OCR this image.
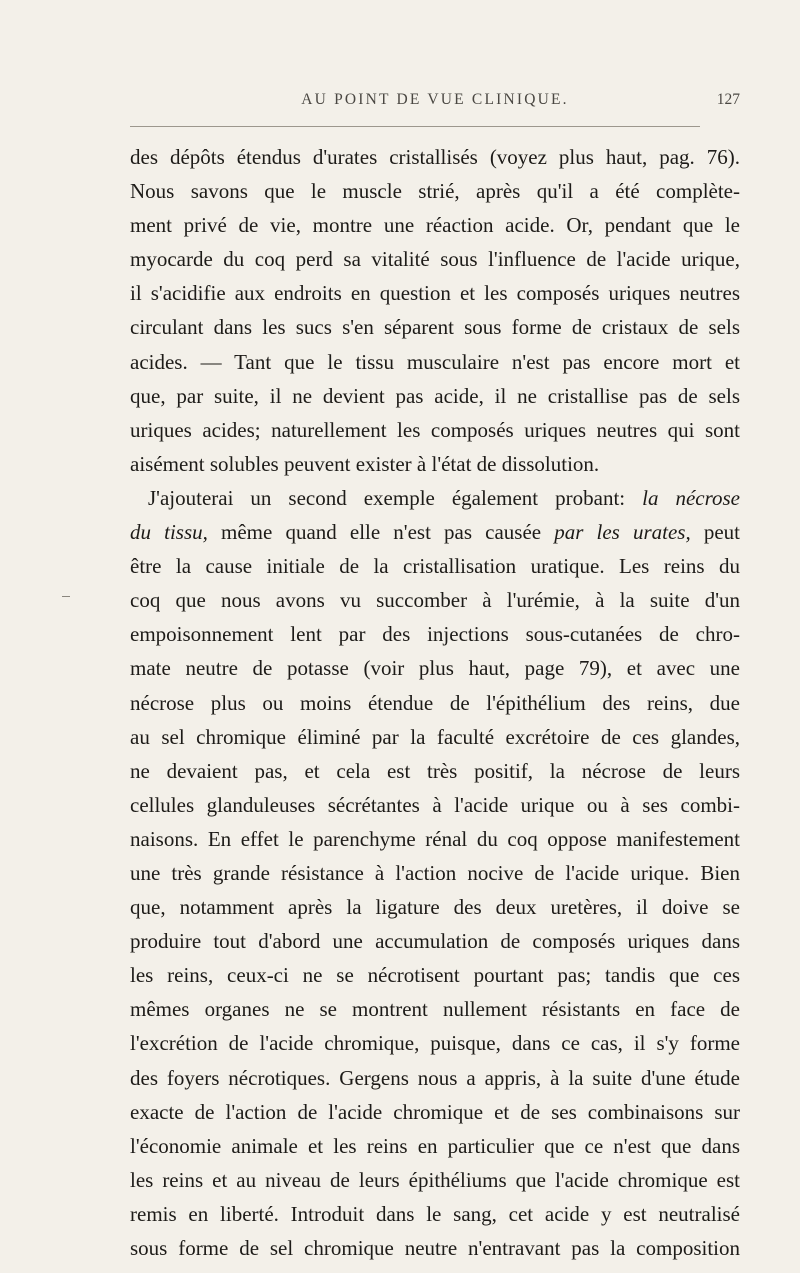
AU POINT DE VUE CLINIQUE.	127
des dépôts étendus d'urates cristallisés (voyez plus haut, pag. 76).
Nous savons que le muscle strié, après qu'il a été complète-
ment privé de vie, montre une réaction acide. Or, pendant que le
myocarde du coq perd sa vitalité sous l'influence de l'acide urique,
il s'acidifie aux endroits en question et les composés uriques neutres
circulant dans les sucs s'en séparent sous forme de cristaux de sels
acides. — Tant que le tissu musculaire n'est pas encore mort et
que, par suite, il ne devient pas acide, il ne cristallise pas de sels
uriques acides; naturellement les composés uriques neutres qui sont
aisément solubles peuvent exister à l'état de dissolution.
J'ajouterai un second exemple également probant: la nécrose
du tissu, même quand elle n'est pas causée par les urates, peut
être la cause initiale de la cristallisation uratique. Les reins du
coq que nous avons vu succomber à l'urémie, à la suite d'un
empoisonnement lent par des injections sous-cutanées de chro-
mate neutre de potasse (voir plus haut, page 79), et avec une
nécrose plus ou moins étendue de l'épithélium des reins, due
au sel chromique éliminé par la faculté excrétoire de ces glandes,
ne devaient pas, et cela est très positif, la nécrose de leurs
cellules glanduleuses sécrétantes à l'acide urique ou à ses combi-
naisons. En effet le parenchyme rénal du coq oppose manifestement
une très grande résistance à l'action nocive de l'acide urique. Bien
que, notamment après la ligature des deux uretères, il doive se
produire tout d'abord une accumulation de composés uriques dans
les reins, ceux-ci ne se nécrotisent pourtant pas; tandis que ces
mêmes organes ne se montrent nullement résistants en face de
l'excrétion de l'acide chromique, puisque, dans ce cas, il s'y forme
des foyers nécrotiques. Gergens nous a appris, à la suite d'une étude
exacte de l'action de l'acide chromique et de ses combinaisons sur
l'économie animale et les reins en particulier que ce n'est que dans
les reins et au niveau de leurs épithéliums que l'acide chromique est
remis en liberté. Introduit dans le sang, cet acide y est neutralisé
sous forme de sel chromique neutre n'entravant pas la composition
